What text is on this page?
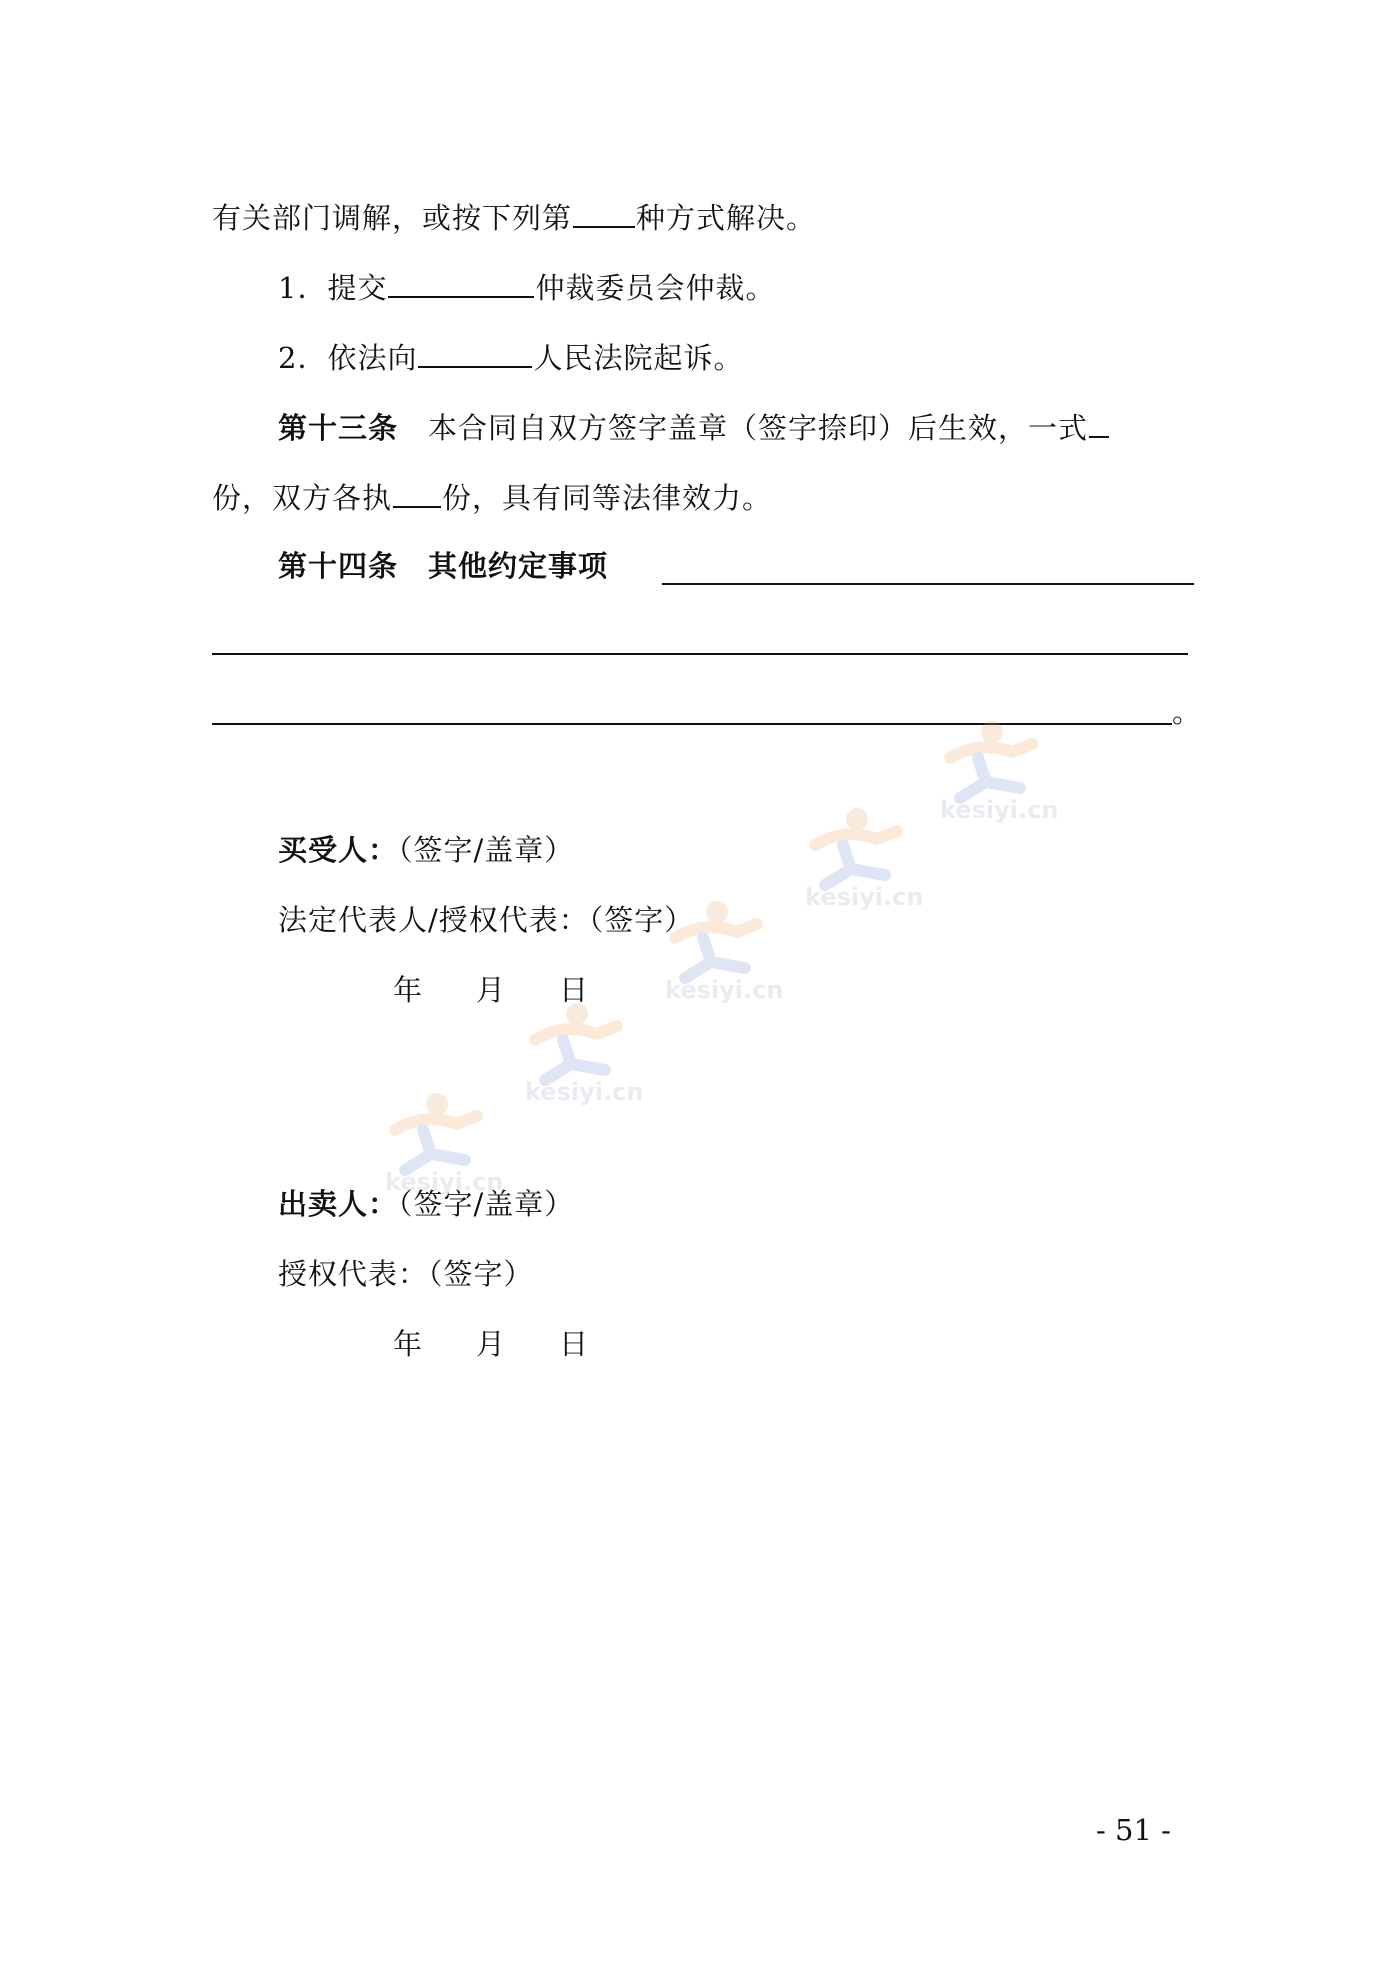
有关部门调解，或按下列第 种方式解决。
1．提交	仲裁委员会仲裁。
2．依法向	人民法院起诉。
第十三条 本合同自双方签字盖章（签字捺印）后生效，一式
份，双方各执 份，具有同等法律效力。
第十四条 其他约定事项
。
买受人：（签字/盖章）
法定代表人/授权代表：（签字）
年 月 日
出卖人：（签字/盖章）
授权代表：（签字）
年 月 日
kesiyi.cn
kesiyi.cn
kesiyi.cn
kesiyi.cn
kesiyi.cn
- 51 -
